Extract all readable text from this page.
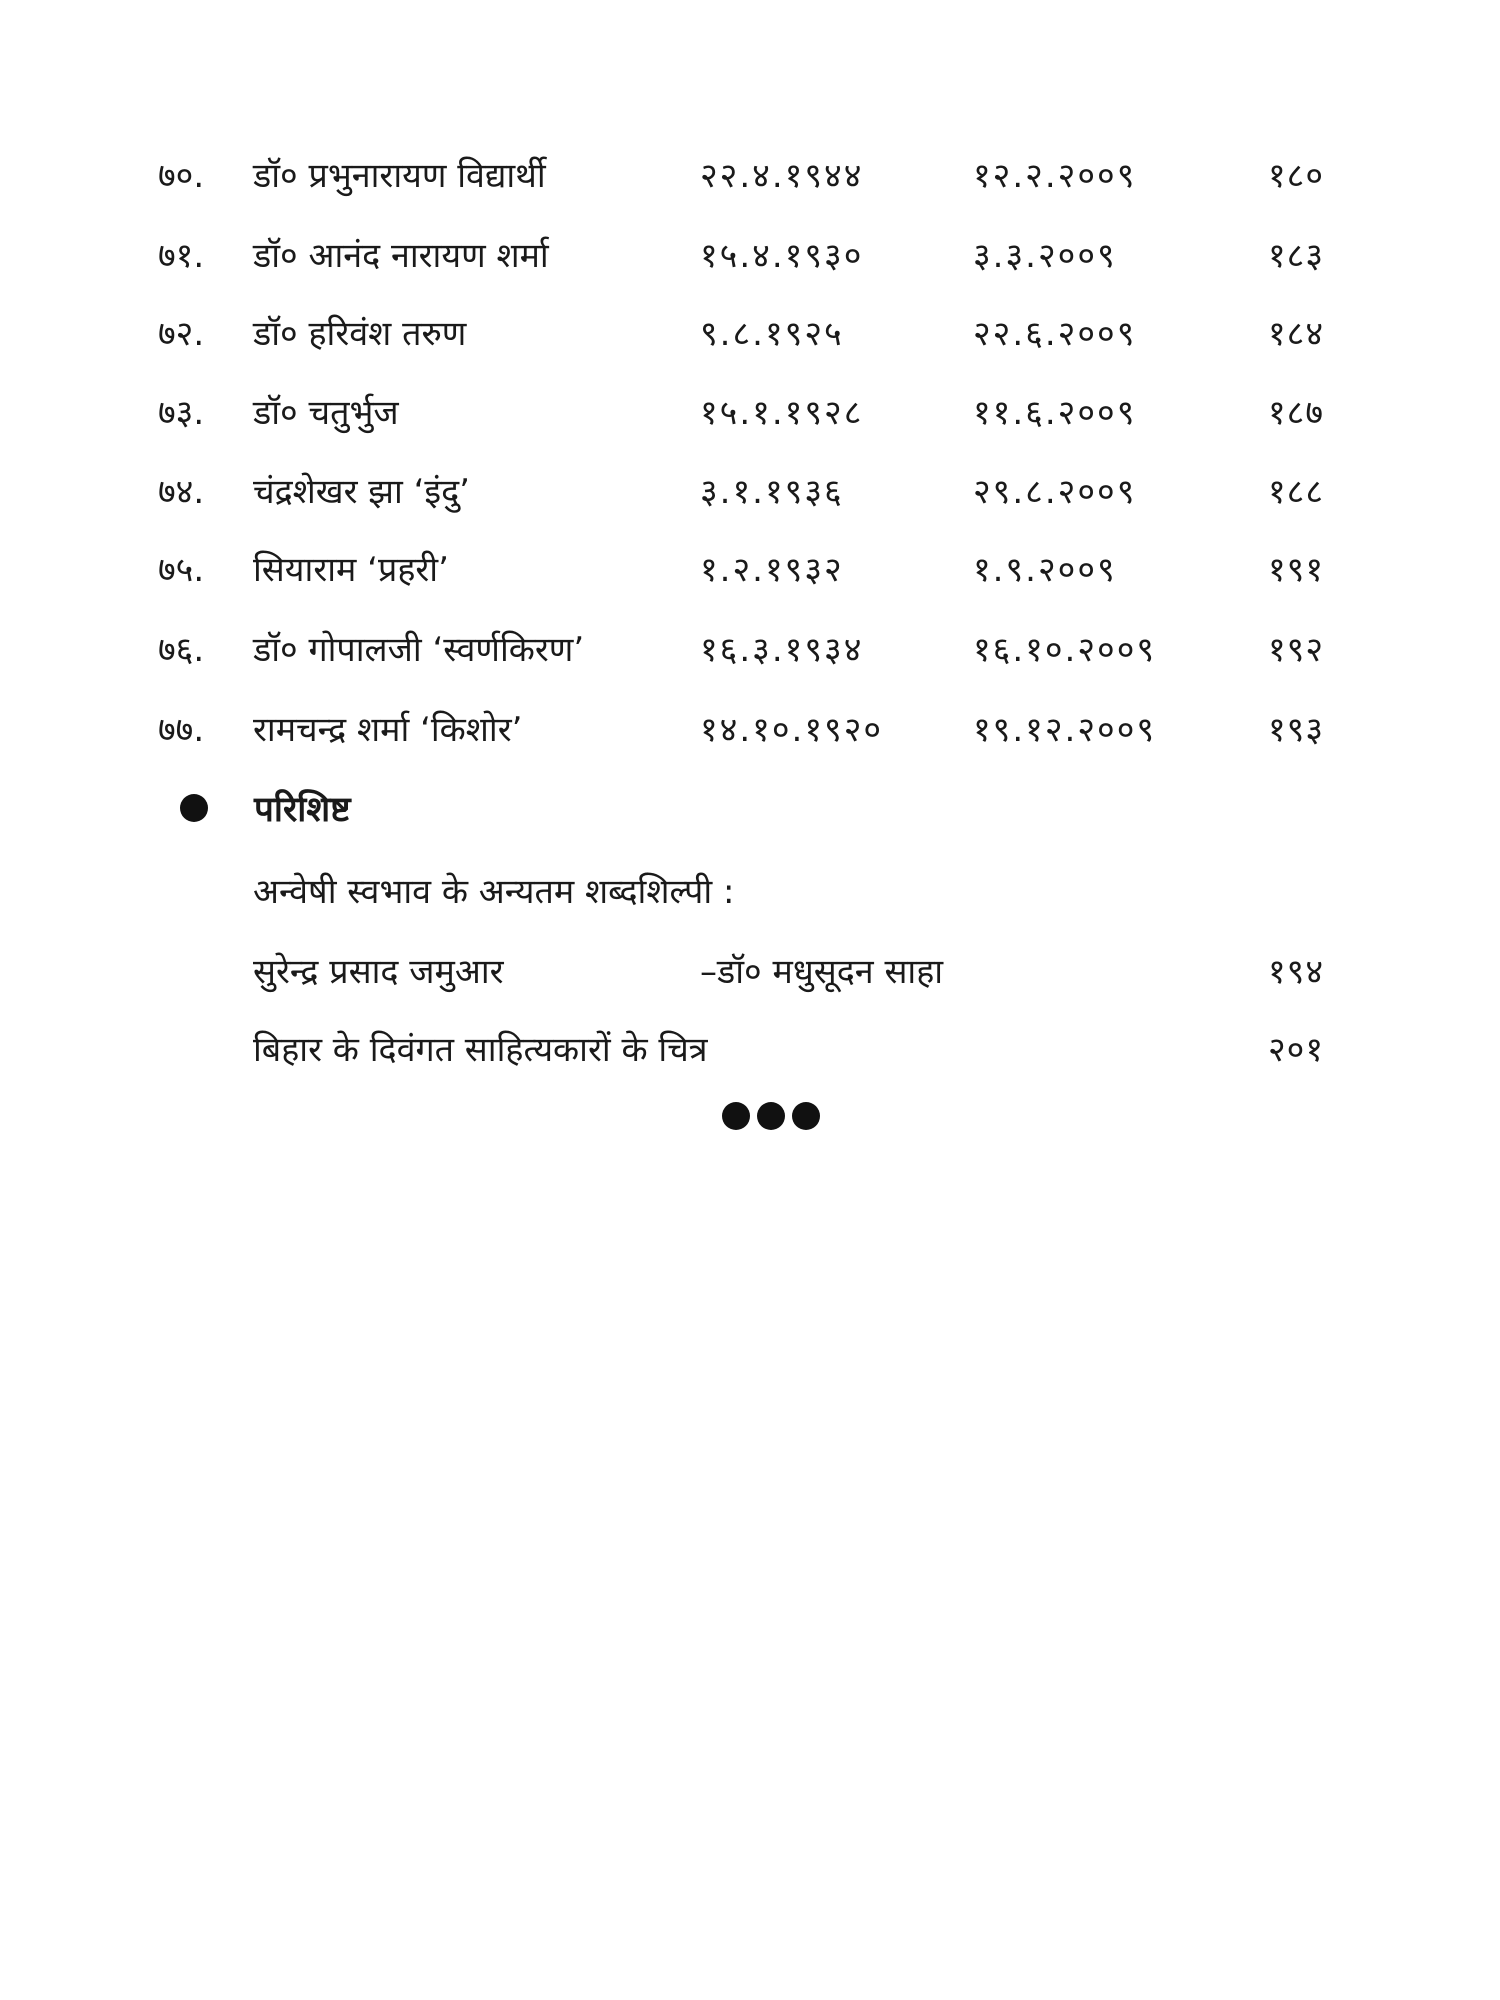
७०. डॉ० प्रभुनारायण विद्यार्थी	२२.४.१९४४	१२.२.२००९	१८०
७१. डॉ० आनंद नारायण शर्मा	१५.४.१९३०	३.३.२००९	१८३
७२. डॉ० हरिवंश तरुण	९.८.१९२५	२२.६.२००९	१८४
७३. डॉ० चतुर्भुज	१५.१.१९२८	११.६.२००९	१८७
७४. चंद्रशेखर झा ‘इंदु’	३.१.१९३६	२९.८.२००९	१८८
७५. सियाराम ‘प्रहरी’	१.२.१९३२	१.९.२००९	१९१
७६. डॉ० गोपालजी ‘स्वर्णकिरण’	१६.३.१९३४	१६.१०.२००९	१९२
७७. रामचन्द्र शर्मा ‘किशोर’	१४.१०.१९२०	१९.१२.२००९	१९३
परिशिष्ट
अन्वेषी स्वभाव के अन्यतम शब्दशिल्पी :
सुरेन्द्र प्रसाद जमुआर	–डॉ० मधुसूदन साहा	१९४
बिहार के दिवंगत साहित्यकारों के चित्र	२०१
